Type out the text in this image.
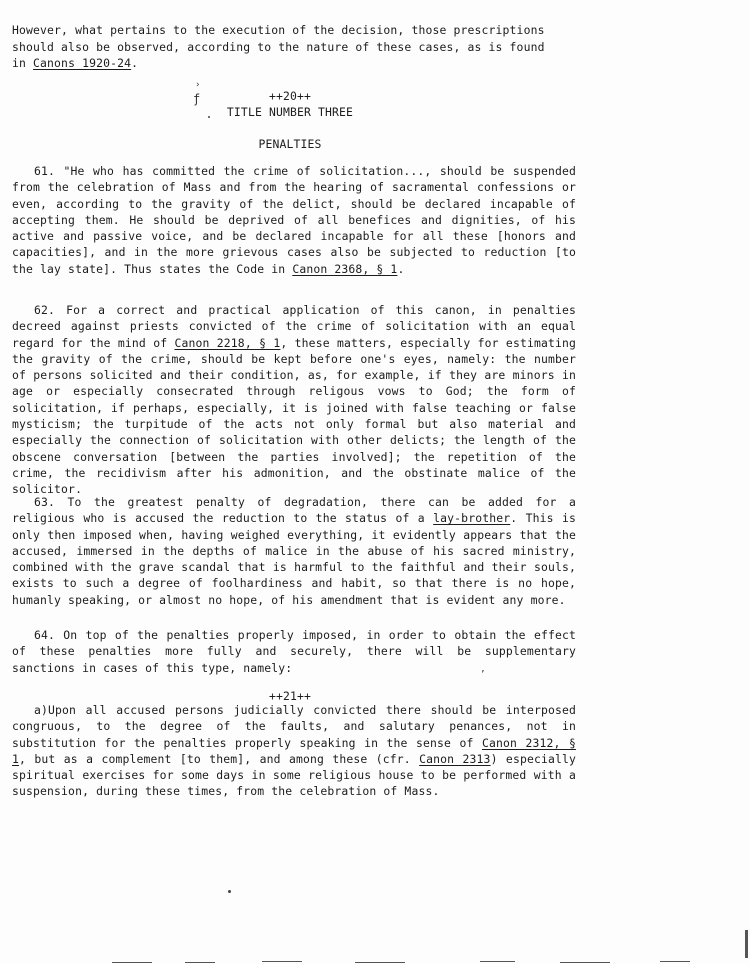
However, what pertains to the execution of the decision, those prescriptions
should also be observed, according to the nature of these cases, as is found
in Canons 1920-24.
›
ƒ	++20++
TITLE NUMBER THREE
PENALTIES
61. "He who has committed the crime of solicitation..., should be suspended from the celebration of Mass and from the hearing of sacramental confessions or even, according to the gravity of the delict, should be declared incapable of accepting them. He should be deprived of all benefices and dignities, of his active and passive voice, and be declared incapable for all these [honors and capacities], and in the more grievous cases also be subjected to reduction [to the lay state]. Thus states the Code in Canon 2368, § 1.
62. For a correct and practical application of this canon, in penalties decreed against priests convicted of the crime of solicitation with an equal regard for the mind of Canon 2218, § 1, these matters, especially for estimating the gravity of the crime, should be kept before one's eyes, namely: the number of persons solicited and their condition, as, for example, if they are minors in age or especially consecrated through religous vows to God; the form of solicitation, if perhaps, especially, it is joined with false teaching or false mysticism; the turpitude of the acts not only formal but also material and especially the connection of solicitation with other delicts; the length of the obscene conversation [between the parties involved]; the repetition of the crime, the recidivism after his admonition, and the obstinate malice of the solicitor.
63. To the greatest penalty of degradation, there can be added for a religious who is accused the reduction to the status of a lay-brother. This is only then imposed when, having weighed everything, it evidently appears that the accused, immersed in the depths of malice in the abuse of his sacred ministry, combined with the grave scandal that is harmful to the faithful and their souls, exists to such a degree of foolhardiness and habit, so that there is no hope, humanly speaking, or almost no hope, of his amendment that is evident any more.
64. On top of the penalties properly imposed, in order to obtain the effect of these penalties more fully and securely, there will be supplementary sanctions in cases of this type, namely:
’
++21++
a)Upon all accused persons judicially convicted there should be interposed congruous, to the degree of the faults, and salutary penances, not in substitution for the penalties properly speaking in the sense of Canon 2312, § 1, but as a complement [to them], and among these (cfr. Canon 2313) especially spiritual exercises for some days in some religious house to be performed with a suspension, during these times, from the celebration of Mass.
